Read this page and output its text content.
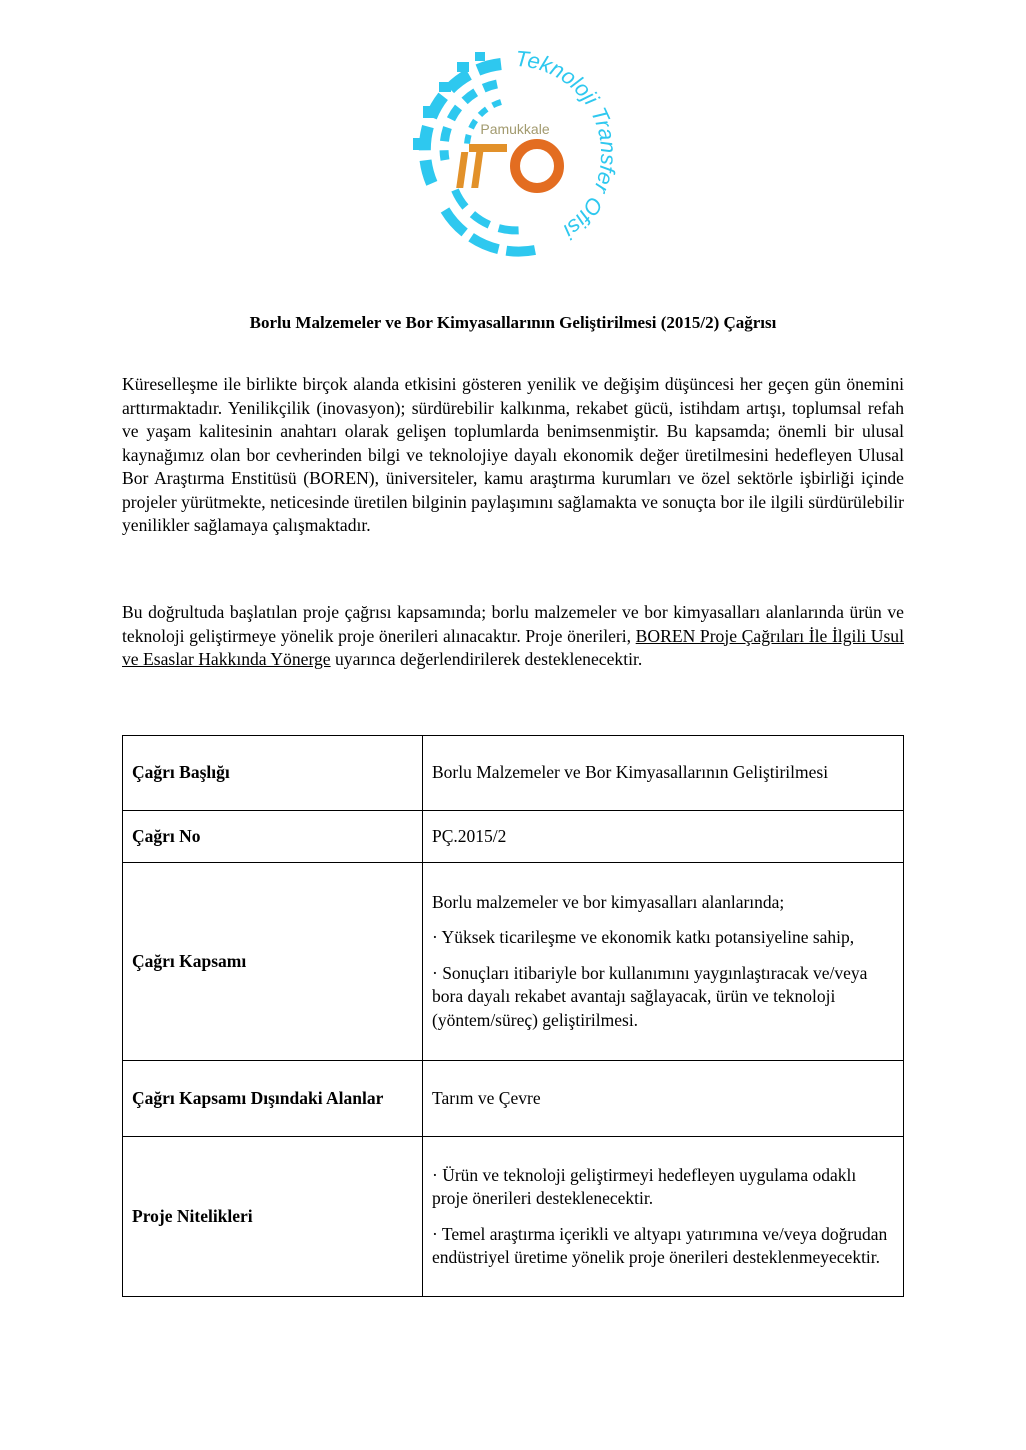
Teknoloji Transfer Ofisi
Pamukkale
Borlu Malzemeler ve Bor Kimyasallarının Geliştirilmesi (2015/2) Çağrısı
Küreselleşme ile birlikte birçok alanda etkisini gösteren yenilik ve değişim düşüncesi her geçen gün önemini arttırmaktadır. Yenilikçilik (inovasyon); sürdürebilir kalkınma, rekabet gücü, istihdam artışı, toplumsal refah ve yaşam kalitesinin anahtarı olarak gelişen toplumlarda benimsenmiştir. Bu kapsamda; önemli bir ulusal kaynağımız olan bor cevherinden bilgi ve teknolojiye dayalı ekonomik değer üretilmesini hedefleyen Ulusal Bor Araştırma Enstitüsü (BOREN), üniversiteler, kamu araştırma kurumları ve özel sektörle işbirliği içinde projeler yürütmekte, neticesinde üretilen bilginin paylaşımını sağlamakta ve sonuçta bor ile ilgili sürdürülebilir yenilikler sağlamaya çalışmaktadır.
Bu doğrultuda başlatılan proje çağrısı kapsamında; borlu malzemeler ve bor kimyasalları alanlarında ürün ve teknoloji geliştirmeye yönelik proje önerileri alınacaktır. Proje önerileri, BOREN Proje Çağrıları İle İlgili Usul ve Esaslar Hakkında Yönerge uyarınca değerlendirilerek desteklenecektir.
Çağrı Başlığı	Borlu Malzemeler ve Bor Kimyasallarının Geliştirilmesi

Çağrı No	PÇ.2015/2

Çağrı Kapsamı	Borlu malzemeler ve bor kimyasalları alanlarında;

· Yüksek ticarileşme ve ekonomik katkı potansiyeline sahip,

· Sonuçları itibariyle bor kullanımını yaygınlaştıracak ve/veya bora dayalı rekabet avantajı sağlayacak, ürün ve teknoloji (yöntem/süreç) geliştirilmesi.

Çağrı Kapsamı Dışındaki Alanlar	Tarım ve Çevre

Proje Nitelikleri	· Ürün ve teknoloji geliştirmeyi hedefleyen uygulama odaklı proje önerileri desteklenecektir.

· Temel araştırma içerikli ve altyapı yatırımına ve/veya doğrudan endüstriyel üretime yönelik proje önerileri desteklenmeyecektir.
